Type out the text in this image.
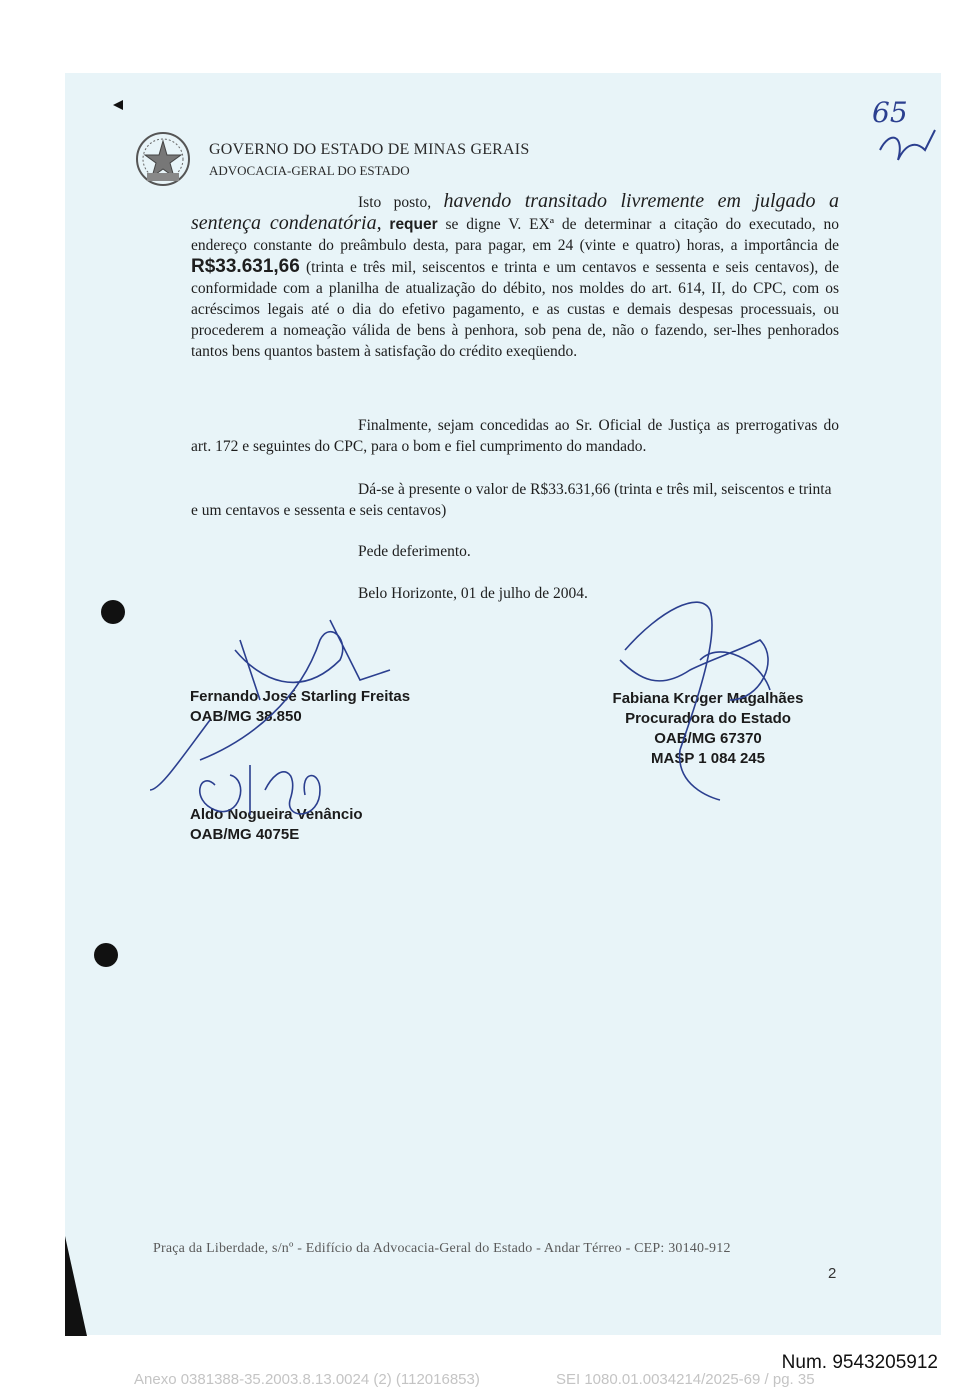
GOVERNO DO ESTADO DE MINAS GERAIS
ADVOCACIA-GERAL DO ESTADO
Isto posto, havendo transitado livremente em julgado a sentença condenatória, requer se digne V. EXª de determinar a citação do executado, no endereço constante do preâmbulo desta, para pagar, em 24 (vinte e quatro) horas, a importância de R$33.631,66 (trinta e três mil, seiscentos e trinta e um centavos e sessenta e seis centavos), de conformidade com a planilha de atualização do débito, nos moldes do art. 614, II, do CPC, com os acréscimos legais até o dia do efetivo pagamento, e as custas e demais despesas processuais, ou procederem a nomeação válida de bens à penhora, sob pena de, não o fazendo, ser-lhes penhorados tantos bens quantos bastem à satisfação do crédito exeqüendo.
Finalmente, sejam concedidas ao Sr. Oficial de Justiça as prerrogativas do art. 172 e seguintes do CPC, para o bom e fiel cumprimento do mandado.
Dá-se à presente o valor de R$33.631,66 (trinta e três mil, seiscentos e trinta e um centavos e sessenta e seis centavos)
Pede deferimento.
Belo Horizonte, 01 de julho de 2004.
Fernando José Starling Freitas
OAB/MG 38.850
Aldo Nogueira Venâncio
OAB/MG 4075E
Fabiana Kroger Magalhães
Procuradora do Estado
OAB/MG 67370
MASP 1 084 245
Praça da Liberdade, s/nº - Edifício da Advocacia-Geral do Estado - Andar Térreo - CEP: 30140-912
2
65
Num. 9543205912
Anexo 0381388-35.2003.8.13.0024 (2) (112016853)	SEI 1080.01.0034214/2025-69 / pg. 35
